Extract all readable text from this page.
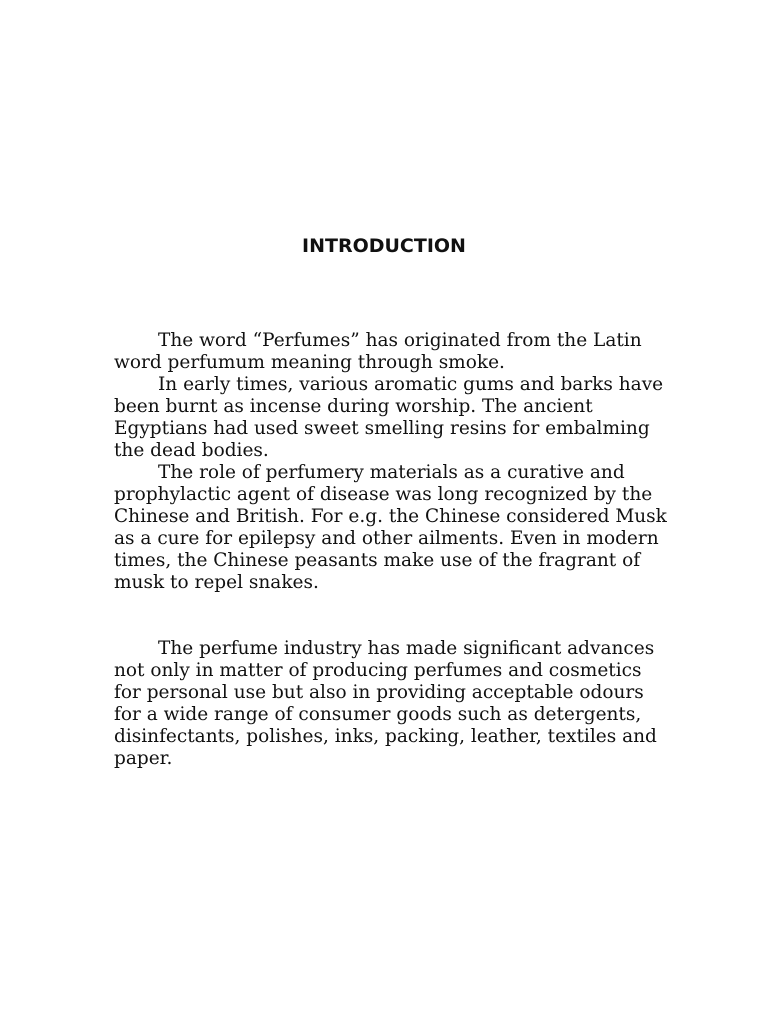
INTRODUCTION

The word “Perfumes” has originated from the Latin word perfumum meaning through smoke.

In early times, various aromatic gums and barks have been burnt as incense during worship. The ancient Egyptians had used sweet smelling resins for embalming the dead bodies.

The role of perfumery materials as a curative and prophylactic agent of disease was long recognized by the Chinese and British. For e.g. the Chinese considered Musk as a cure for epilepsy and other ailments. Even in modern times, the Chinese peasants make use of the fragrant of musk to repel snakes.

The perfume industry has made significant advances not only in matter of producing perfumes and cosmetics for personal use but also in providing acceptable odours for a wide range of consumer goods such as detergents, disinfectants, polishes, inks, packing, leather, textiles and paper.
